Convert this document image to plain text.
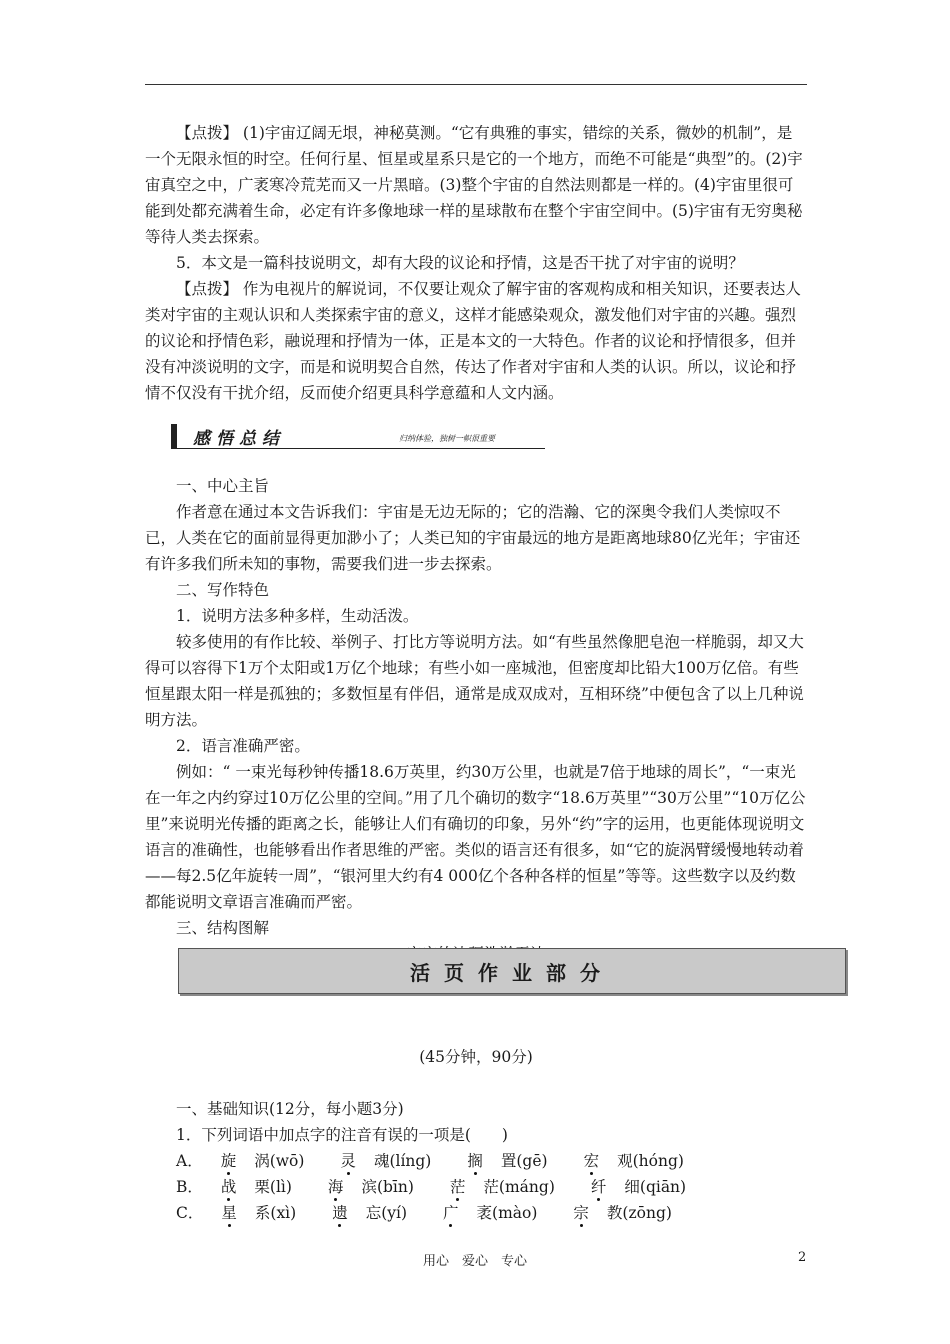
【点拨】 (1)宇宙辽阔无垠，神秘莫测。“它有典雅的事实，错综的关系，微妙的机制”，是一个无限永恒的时空。任何行星、恒星或星系只是它的一个地方，而绝不可能是“典型”的。(2)宇宙真空之中，广袤寒冷荒芜而又一片黑暗。(3)整个宇宙的自然法则都是一样的。(4)宇宙里很可能到处都充满着生命，必定有许多像地球一样的星球散布在整个宇宙空间中。(5)宇宙有无穷奥秘等待人类去探索。

5．本文是一篇科技说明文，却有大段的议论和抒情，这是否干扰了对宇宙的说明？

【点拨】 作为电视片的解说词，不仅要让观众了解宇宙的客观构成和相关知识，还要表达人类对宇宙的主观认识和人类探索宇宙的意义，这样才能感染观众，激发他们对宇宙的兴趣。强烈的议论和抒情色彩，融说理和抒情为一体，正是本文的一大特色。作者的议论和抒情很多，但并没有冲淡说明的文字，而是和说明契合自然，传达了作者对宇宙和人类的认识。所以，议论和抒情不仅没有干扰介绍，反而使介绍更具科学意蕴和人文内涵。

感悟总结	归纳体验，独树一帜很重要

一、中心主旨

作者意在通过本文告诉我们：宇宙是无边无际的；它的浩瀚、它的深奥令我们人类惊叹不已，人类在它的面前显得更加渺小了；人类已知的宇宙最远的地方是距离地球80亿光年；宇宙还有许多我们所未知的事物，需要我们进一步去探索。

二、写作特色

1．说明方法多种多样，生动活泼。

较多使用的有作比较、举例子、打比方等说明方法。如“有些虽然像肥皂泡一样脆弱，却又大得可以容得下1万个太阳或1万亿个地球；有些小如一座城池，但密度却比铅大100万亿倍。有些恒星跟太阳一样是孤独的；多数恒星有伴侣，通常是成双成对，互相环绕”中便包含了以上几种说明方法。

2．语言准确严密。

例如：“ 一束光每秒钟传播18.6万英里，约30万公里，也就是7倍于地球的周长”，“一束光在一年之内约穿过10万亿公里的空间。”用了几个确切的数字“18.6万英里”“30万公里”“10万亿公里”来说明光传播的距离之长，能够让人们有确切的印象，另外“约”字的运用，也更能体现说明文语言的准确性，也能够看出作者思维的严密。类似的语言还有很多，如“它的旋涡臂缓慢地转动着——每2.5亿年旋转一周”，“银河里大约有4 000亿个各种各样的恒星”等等。这些数字以及约数都能说明文章语言准确而严密。

三、结构图解

活页作业部分

(45分钟，90分)

一、基础知识(12分，每小题3分)

1．下列词语中加点字的注音有误的一项是(　　)

A． 旋 涡(wō) 灵 魂(líng) 搁 置(gē) 宏 观(hóng)

B． 战 栗(lì) 海 滨(bīn) 茫 茫(máng) 纤 细(qiān)

C． 星 系(xì) 遗 忘(yí) 广 袤(mào) 宗 教(zōng)

用心　爱心　专心	2
